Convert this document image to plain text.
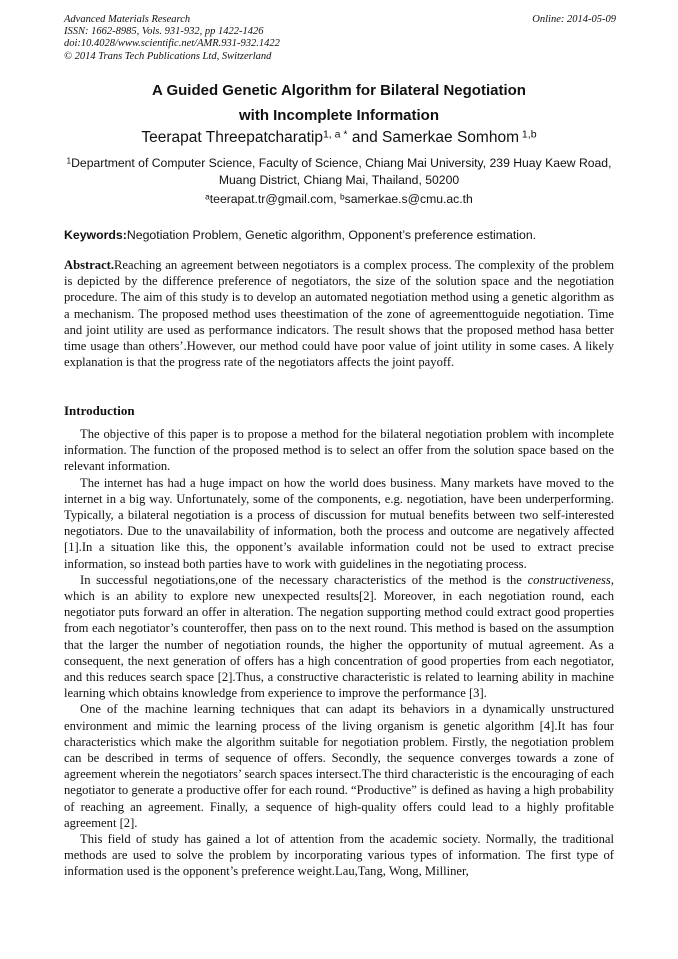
Advanced Materials Research
ISSN: 1662-8985, Vols. 931-932, pp 1422-1426
doi:10.4028/www.scientific.net/AMR.931-932.1422
© 2014 Trans Tech Publications Ltd, Switzerland
Online: 2014-05-09
A Guided Genetic Algorithm for Bilateral Negotiation
with Incomplete Information
Teerapat Threepatcharatip$^{1, a *}$ and Samerkae Somhom $^{1,b}$
$^1$Department of Computer Science, Faculty of Science, Chiang Mai University, 239 Huay Kaew Road, Muang District, Chiang Mai, Thailand, 50200
$^a$teerapat.tr@gmail.com, $^b$samerkae.s@cmu.ac.th
Keywords:Negotiation Problem, Genetic algorithm, Opponent’s preference estimation.

Abstract.Reaching an agreement between negotiators is a complex process. The complexity of the problem is depicted by the difference preference of negotiators, the size of the solution space and the negotiation procedure. The aim of this study is to develop an automated negotiation method using a genetic algorithm as a mechanism. The proposed method uses theestimation of the zone of agreementtoguide negotiation. Time and joint utility are used as performance indicators. The result shows that the proposed method hasa better time usage than others’.However, our method could have poor value of joint utility in some cases. A likely explanation is that the progress rate of the negotiators affects the joint payoff.

Introduction

The objective of this paper is to propose a method for the bilateral negotiation problem with incomplete information. The function of the proposed method is to select an offer from the solution space based on the relevant information.

The internet has had a huge impact on how the world does business. Many markets have moved to the internet in a big way. Unfortunately, some of the components, e.g. negotiation, have been underperforming. Typically, a bilateral negotiation is a process of discussion for mutual benefits between two self-interested negotiators. Due to the unavailability of information, both the process and outcome are negatively affected [1].In a situation like this, the opponent’s available information could not be used to extract precise information, so instead both parties have to work with guidelines in the negotiating process.

In successful negotiations,one of the necessary characteristics of the method is the constructiveness, which is an ability to explore new unexpected results[2]. Moreover, in each negotiation round, each negotiator puts forward an offer in alteration. The negation supporting method could extract good properties from each negotiator’s counteroffer, then pass on to the next round. This method is based on the assumption that the larger the number of negotiation rounds, the higher the opportunity of mutual agreement. As a consequent, the next generation of offers has a high concentration of good properties from each negotiator, and this reduces search space [2].Thus, a constructive characteristic is related to learning ability in machine learning which obtains knowledge from experience to improve the performance [3].

One of the machine learning techniques that can adapt its behaviors in a dynamically unstructured environment and mimic the learning process of the living organism is genetic algorithm [4].It has four characteristics which make the algorithm suitable for negotiation problem. Firstly, the negotiation problem can be described in terms of sequence of offers. Secondly, the sequence converges towards a zone of agreement wherein the negotiators’ search spaces intersect.The third characteristic is the encouraging of each negotiator to generate a productive offer for each round. “Productive” is defined as having a high probability of reaching an agreement. Finally, a sequence of high-quality offers could lead to a highly profitable agreement [2].

This field of study has gained a lot of attention from the academic society. Normally, the traditional methods are used to solve the problem by incorporating various types of information. The first type of information used is the opponent’s preference weight.Lau,Tang, Wong, Milliner,
